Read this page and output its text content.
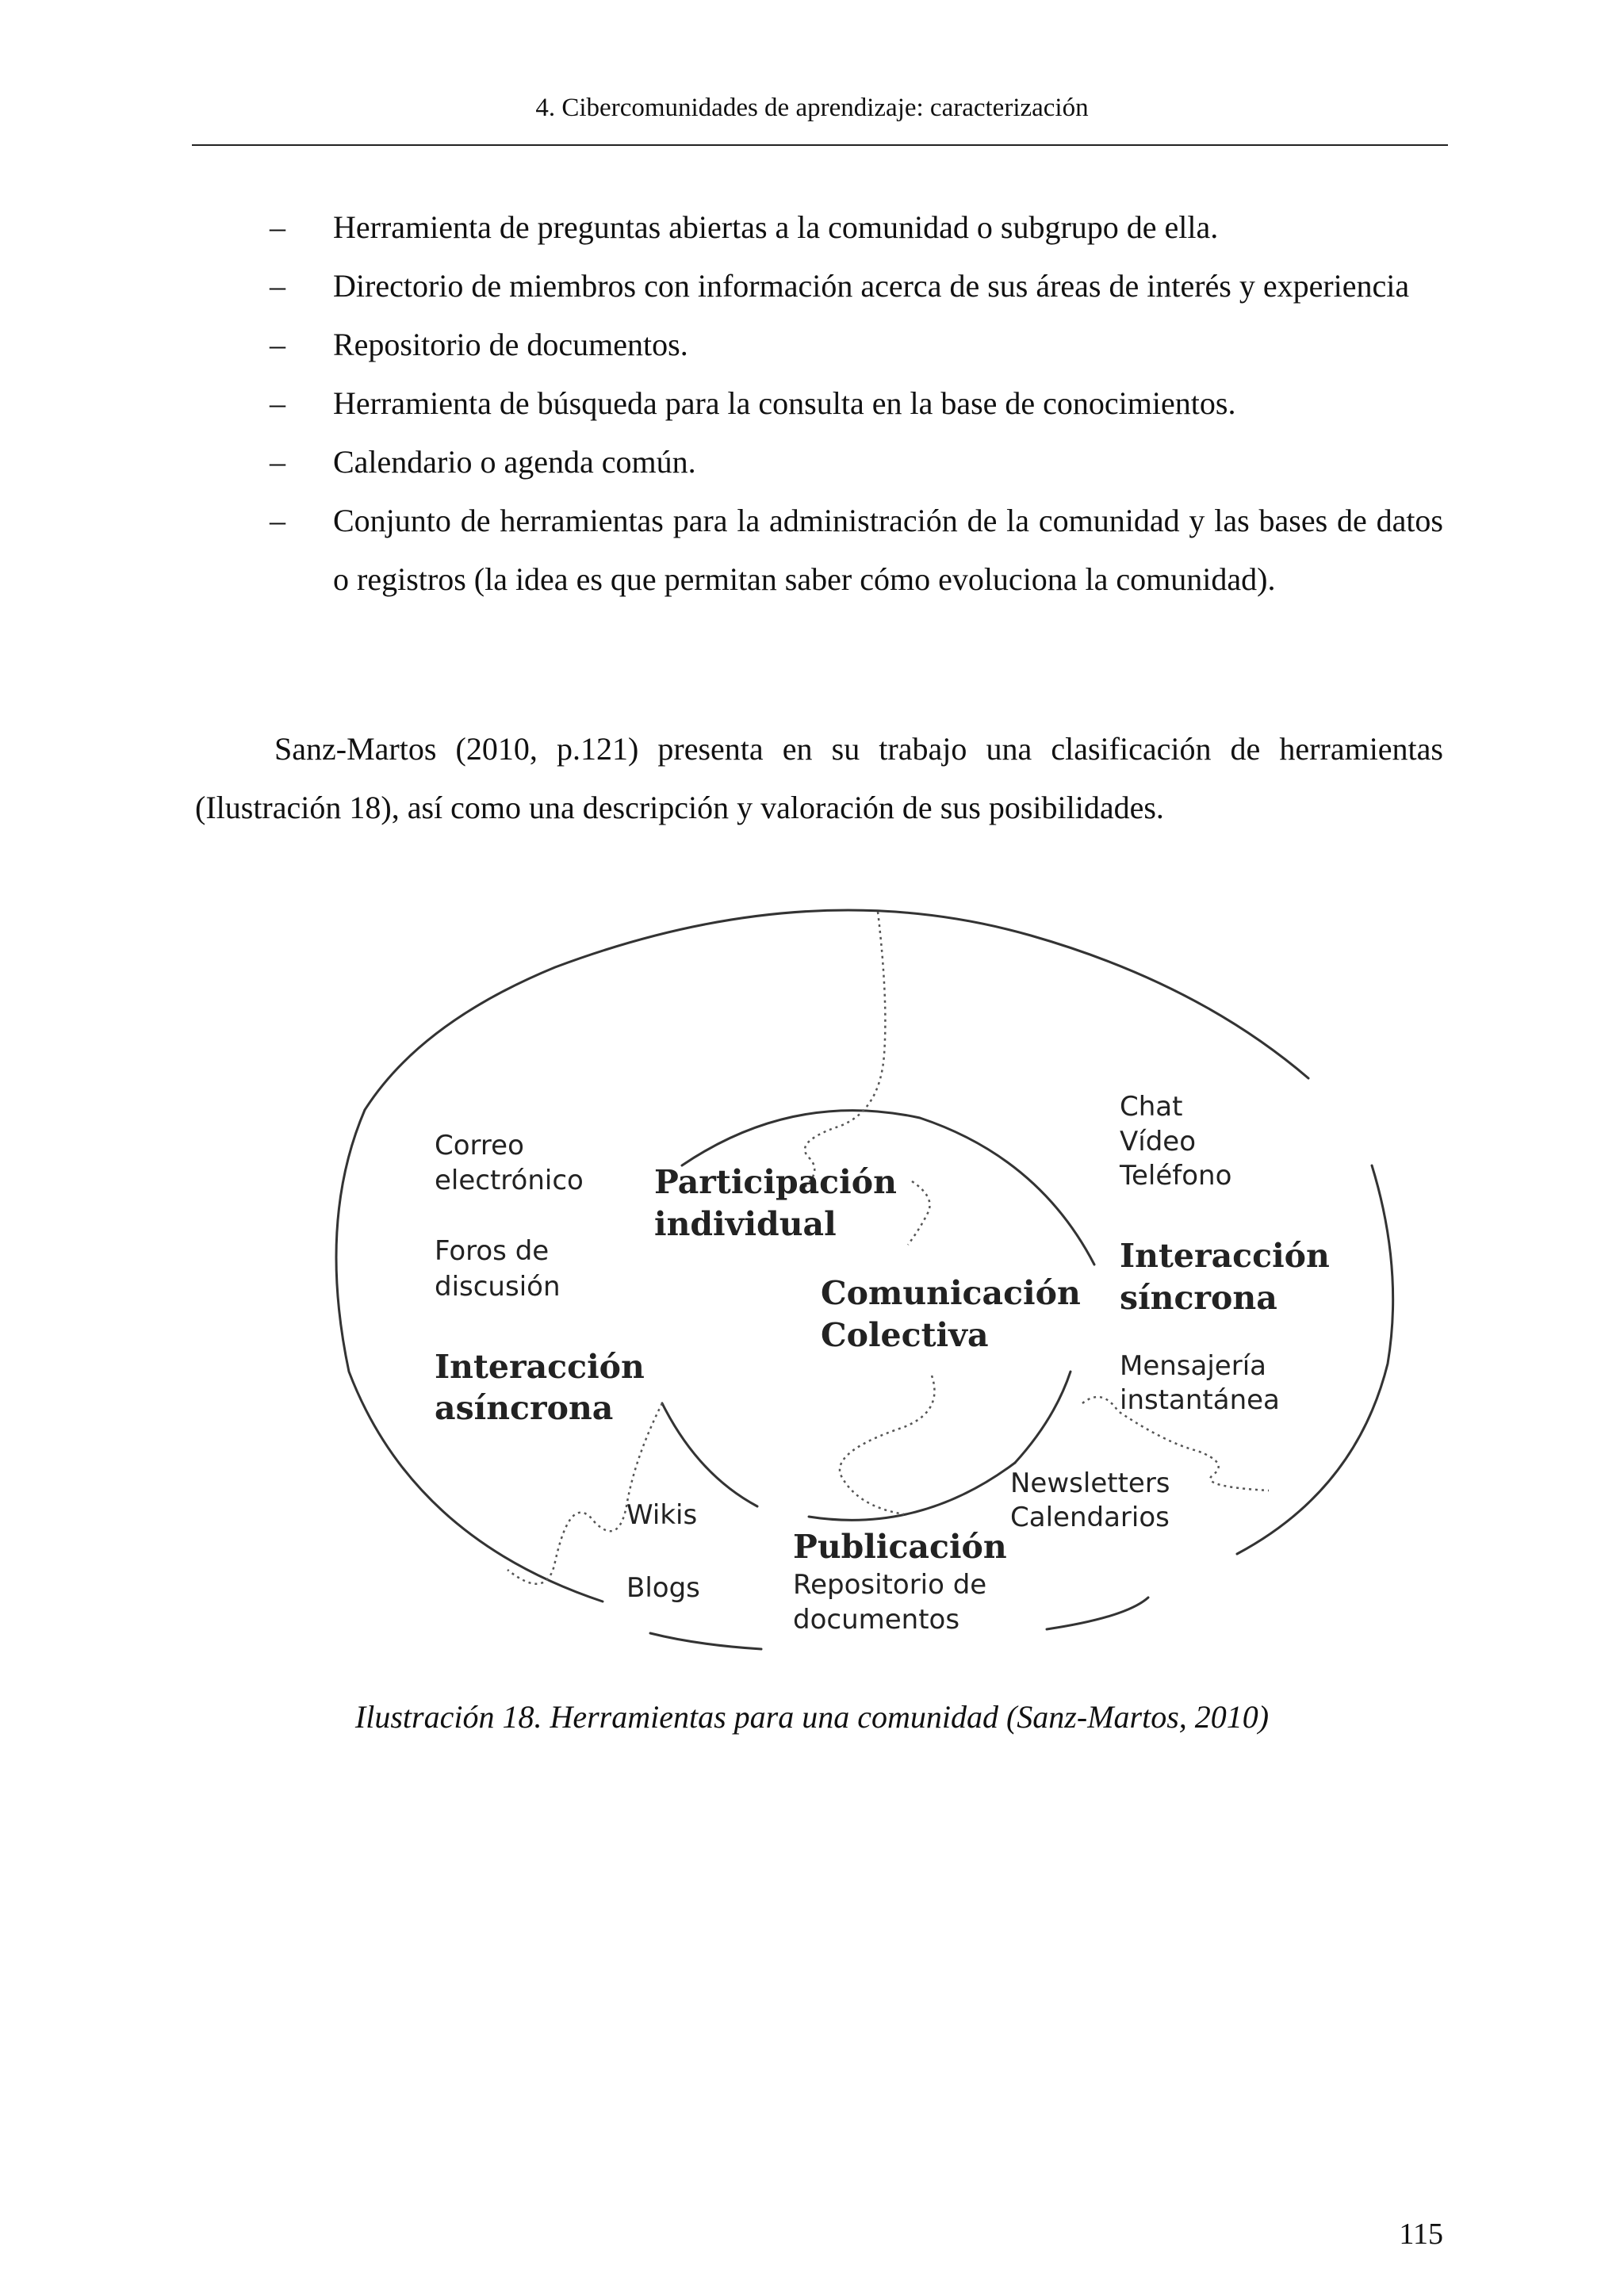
4. Cibercomunidades de aprendizaje: caracterización
– Herramienta de preguntas abiertas a la comunidad o subgrupo de ella.
– Directorio de miembros con información acerca de sus áreas de interés y experiencia
– Repositorio de documentos.
– Herramienta de búsqueda para la consulta en la base de conocimientos.
– Calendario o agenda común.
– Conjunto de herramientas para la administración de la comunidad y las bases de datos o registros (la idea es que permitan saber cómo evoluciona la comunidad).

Sanz-Martos (2010, p.121) presenta en su trabajo una clasificación de herramientas (Ilustración 18), así como una descripción y valoración de sus posibilidades.

Correo
electrónico
Foros de
discusión
Interacción
asíncrona
Participación
individual
Comunicación
Colectiva
Chat
Vídeo
Teléfono
Interacción
síncrona
Mensajería
instantánea
Publicación
Repositorio de
documentos
Wikis
Blogs
Newsletters
Calendarios
Ilustración 18. Herramientas para una comunidad (Sanz-Martos, 2010)
115
